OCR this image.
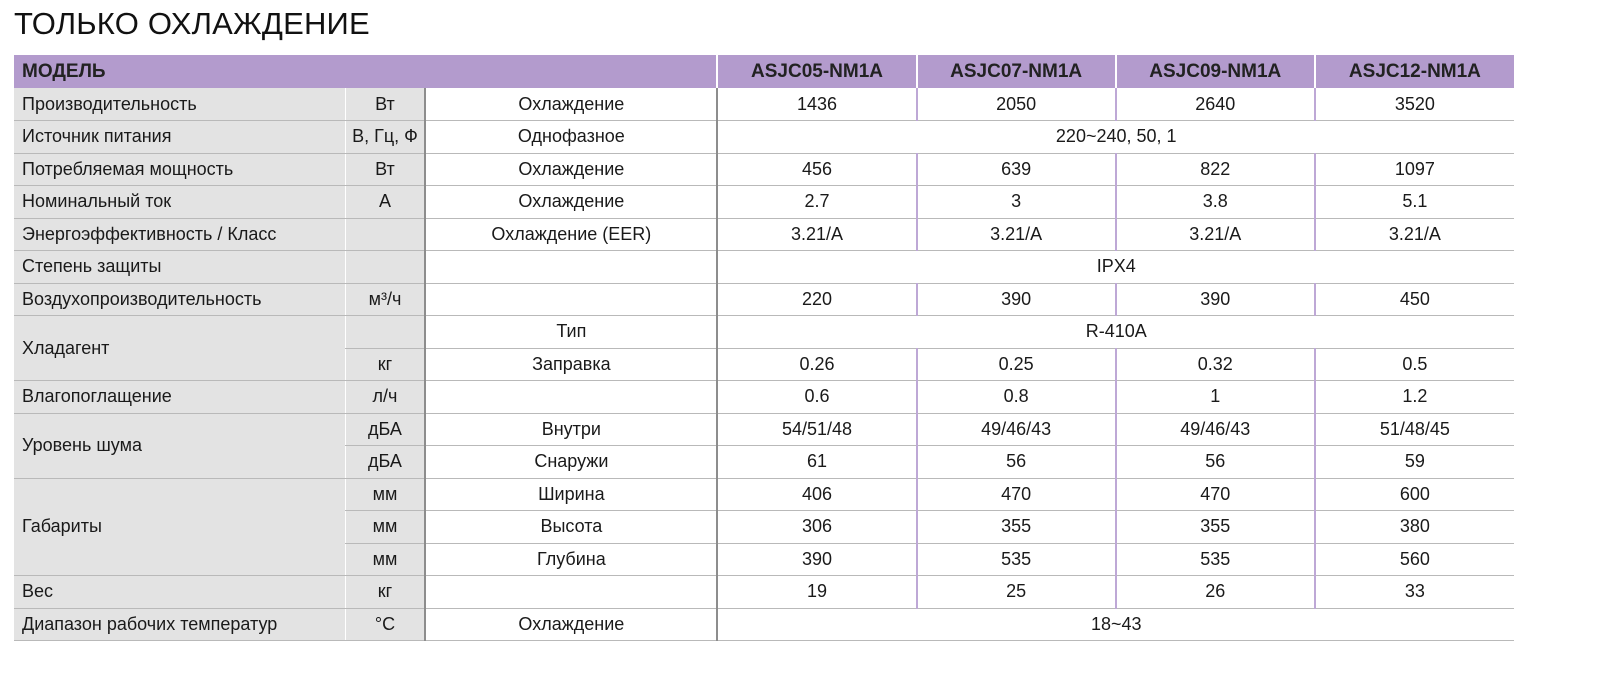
ТОЛЬКО ОХЛАЖДЕНИЕ
МОДЕЛЬ			ASJC05-NM1A	ASJC07-NM1A	ASJC09-NM1A	ASJC12-NM1A
Производительность	Вт	Охлаждение	1436	2050	2640	3520
Источник питания	В, Гц, Ф	Однофазное	220~240, 50, 1			
Потребляемая мощность	Вт	Охлаждение	456	639	822	1097
Номинальный ток	А	Охлаждение	2.7	3	3.8	5.1
Энергоэффективность / Класс		Охлаждение (EER)	3.21/A	3.21/A	3.21/A	3.21/A
Степень защиты			IPX4			
Воздухопроизводительность	м³/ч		220	390	390	450
Хладагент		Тип	R-410A			
	кг	Заправка	0.26	0.25	0.32	0.5
Влагопоглащение	л/ч		0.6	0.8	1	1.2
Уровень шума	дБА	Внутри	54/51/48	49/46/43	49/46/43	51/48/45
	дБА	Снаружи	61	56	56	59
Габариты	мм	Ширина	406	470	470	600
	мм	Высота	306	355	355	380
	мм	Глубина	390	535	535	560
Вес	кг		19	25	26	33
Диапазон рабочих температур	°C	Охлаждение	18~43			
